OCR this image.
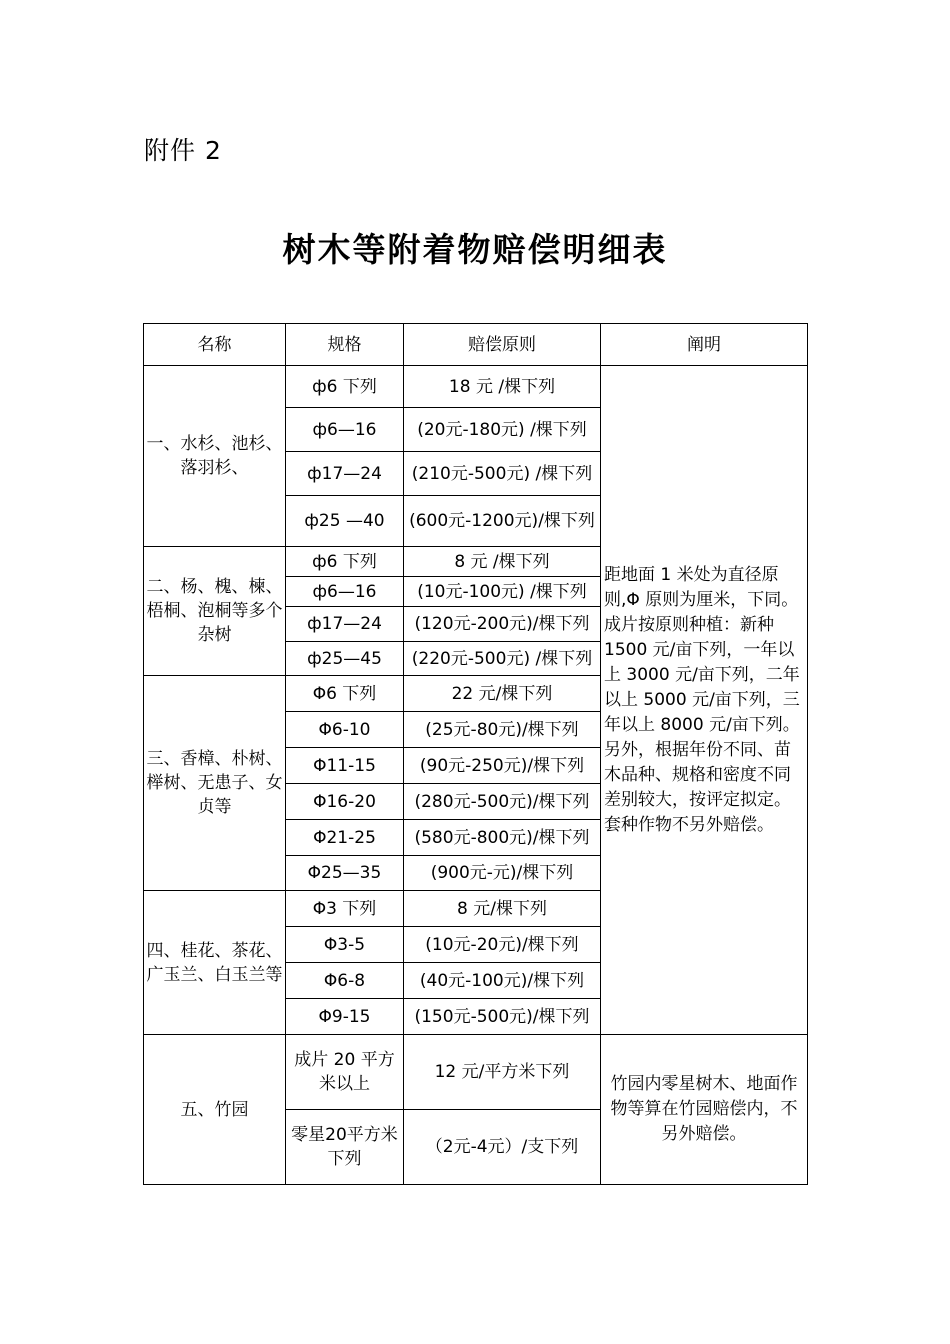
附件 2
树木等附着物赔偿明细表
名称	规格	赔偿原则	阐明
一、水杉、池杉、落羽杉、	ф6 下列	18 元 /棵下列	距地面 1 米处为直径原则,Φ 原则为厘米，下同。成片按原则种植：新种 1500 元/亩下列，一年以上 3000 元/亩下列，二年以上 5000 元/亩下列，三年以上 8000 元/亩下列。另外，根据年份不同、苗木品种、规格和密度不同差别较大，按评定拟定。套种作物不另外赔偿。
	ф6—16	(20元-180元) /棵下列	
	ф17—24	(210元-500元) /棵下列	
	ф25 —40	(600元-1200元)/棵下列	
二、杨、槐、楝、梧桐、泡桐等多个杂树	ф6 下列	8 元 /棵下列	
	ф6—16	(10元-100元) /棵下列	
	ф17—24	(120元-200元)/棵下列	
	ф25—45	(220元-500元) /棵下列	
三、香樟、朴树、榉树、无患子、女贞等	Φ6 下列	22 元/棵下列	
	Φ6-10	(25元-80元)/棵下列	
	Φ11-15	(90元-250元)/棵下列	
	Φ16-20	(280元-500元)/棵下列	
	Φ21-25	(580元-800元)/棵下列	
	Φ25—35	(900元-元)/棵下列	
四、桂花、茶花、广玉兰、白玉兰等	Φ3 下列	8 元/棵下列	
	Φ3-5	(10元-20元)/棵下列	
	Φ6-8	(40元-100元)/棵下列	
	Φ9-15	(150元-500元)/棵下列	
五、竹园	成片 20 平方米以上	12 元/平方米下列	竹园内零星树木、地面作物等算在竹园赔偿内，不另外赔偿。
	零星20平方米下列	（2元-4元）/支下列	
